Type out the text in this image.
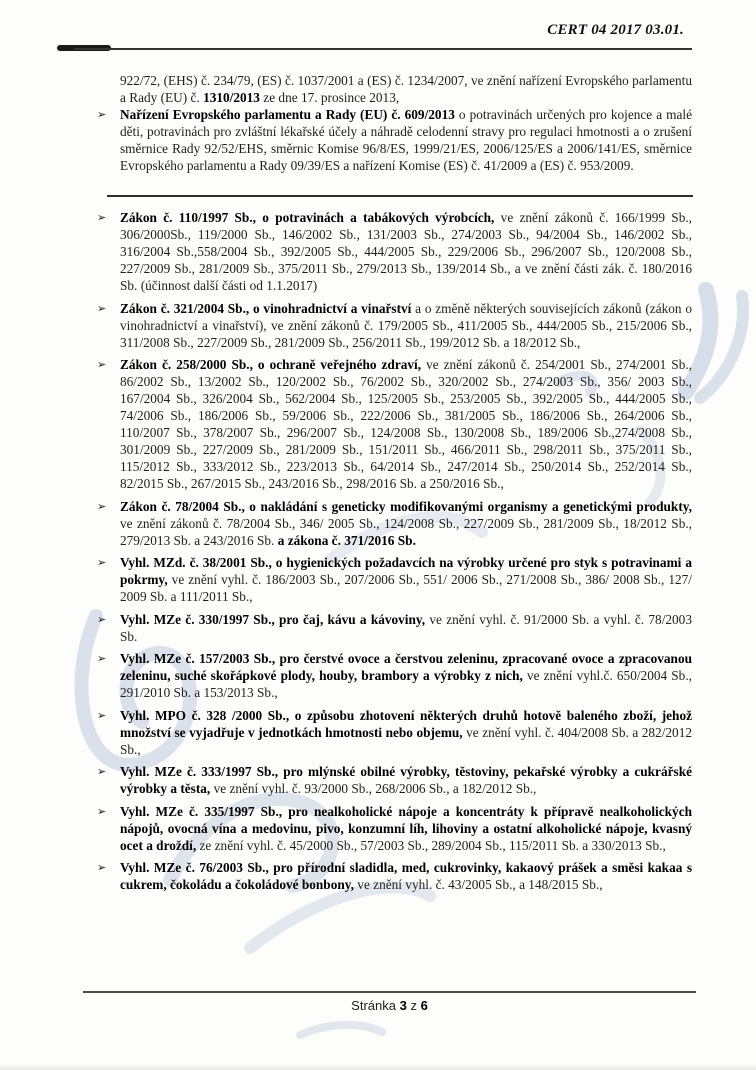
CERT 04 2017 03.01.

922/72, (EHS) č. 234/79, (ES) č. 1037/2001 a (ES) č. 1234/2007, ve znění nařízení Evropského parlamentu a Rady (EU) č. 1310/2013 ze dne 17. prosince 2013,

➢ Nařízení Evropského parlamentu a Rady (EU) č. 609/2013 o potravinách určených pro kojence a malé děti, potravinách pro zvláštní lékařské účely a náhradě celodenní stravy pro regulaci hmotnosti a o zrušení směrnice Rady 92/52/EHS, směrnic Komise 96/8/ES, 1999/21/ES, 2006/125/ES a 2006/141/ES, směrnice Evropského parlamentu a Rady 09/39/ES a nařízení Komise (ES) č. 41/2009 a (ES) č. 953/2009.

➢ Zákon č. 110/1997 Sb., o potravinách a tabákových výrobcích, ve znění zákonů č. 166/1999 Sb., 306/2000Sb., 119/2000 Sb., 146/2002 Sb., 131/2003 Sb., 274/2003 Sb., 94/2004 Sb., 146/2002 Sb., 316/2004 Sb.,558/2004 Sb., 392/2005 Sb., 444/2005 Sb., 229/2006 Sb., 296/2007 Sb., 120/2008 Sb., 227/2009 Sb., 281/2009 Sb., 375/2011 Sb., 279/2013 Sb., 139/2014 Sb., a ve znění části zák. č. 180/2016 Sb. (účinnost další části od 1.1.2017)

➢ Zákon č. 321/2004 Sb., o vinohradnictví a vinařství a o změně některých souvisejících zákonů (zákon o vinohradnictví a vinařství), ve znění zákonů č. 179/2005 Sb., 411/2005 Sb., 444/2005 Sb., 215/2006 Sb., 311/2008 Sb., 227/2009 Sb., 281/2009 Sb., 256/2011 Sb., 199/2012 Sb. a 18/2012 Sb.,

➢ Zákon č. 258/2000 Sb., o ochraně veřejného zdraví, ve znění zákonů č. 254/2001 Sb., 274/2001 Sb., 86/2002 Sb., 13/2002 Sb., 120/2002 Sb., 76/2002 Sb., 320/2002 Sb., 274/2003 Sb., 356/ 2003 Sb., 167/2004 Sb., 326/2004 Sb., 562/2004 Sb., 125/2005 Sb., 253/2005 Sb., 392/2005 Sb., 444/2005 Sb., 74/2006 Sb., 186/2006 Sb., 59/2006 Sb., 222/2006 Sb., 381/2005 Sb., 186/2006 Sb., 264/2006 Sb., 110/2007 Sb., 378/2007 Sb., 296/2007 Sb., 124/2008 Sb., 130/2008 Sb., 189/2006 Sb.,274/2008 Sb., 301/2009 Sb., 227/2009 Sb., 281/2009 Sb., 151/2011 Sb., 466/2011 Sb., 298/2011 Sb., 375/2011 Sb., 115/2012 Sb., 333/2012 Sb., 223/2013 Sb., 64/2014 Sb., 247/2014 Sb., 250/2014 Sb., 252/2014 Sb., 82/2015 Sb., 267/2015 Sb., 243/2016 Sb., 298/2016 Sb. a 250/2016 Sb.,

➢ Zákon č. 78/2004 Sb., o nakládání s geneticky modifikovanými organismy a genetickými produkty, ve znění zákonů č. 78/2004 Sb., 346/ 2005 Sb., 124/2008 Sb., 227/2009 Sb., 281/2009 Sb., 18/2012 Sb., 279/2013 Sb. a 243/2016 Sb. a zákona č. 371/2016 Sb.

➢ Vyhl. MZd. č. 38/2001 Sb., o hygienických požadavcích na výrobky určené pro styk s potravinami a pokrmy, ve znění vyhl. č. 186/2003 Sb., 207/2006 Sb., 551/ 2006 Sb., 271/2008 Sb., 386/ 2008 Sb., 127/ 2009 Sb. a 111/2011 Sb.,

➢ Vyhl. MZe č. 330/1997 Sb., pro čaj, kávu a kávoviny, ve znění vyhl. č. 91/2000 Sb. a vyhl. č. 78/2003 Sb.

➢ Vyhl. MZe č. 157/2003 Sb., pro čerstvé ovoce a čerstvou zeleninu, zpracované ovoce a zpracovanou zeleninu, suché skořápkové plody, houby, brambory a výrobky z nich, ve znění vyhl.č. 650/2004 Sb., 291/2010 Sb. a 153/2013 Sb.,

➢ Vyhl. MPO č. 328 /2000 Sb., o způsobu zhotovení některých druhů hotově baleného zboží, jehož množství se vyjadřuje v jednotkách hmotnosti nebo objemu, ve znění vyhl. č. 404/2008 Sb. a 282/2012 Sb.,

➢ Vyhl. MZe č. 333/1997 Sb., pro mlýnské obilné výrobky, těstoviny, pekařské výrobky a cukrářské výrobky a těsta, ve znění vyhl. č. 93/2000 Sb., 268/2006 Sb., a 182/2012 Sb.,

➢ Vyhl. MZe č. 335/1997 Sb., pro nealkoholické nápoje a koncentráty k přípravě nealkoholických nápojů, ovocná vína a medovinu, pivo, konzumní líh, lihoviny a ostatní alkoholické nápoje, kvasný ocet a droždí, ze znění vyhl. č. 45/2000 Sb., 57/2003 Sb., 289/2004 Sb., 115/2011 Sb. a 330/2013 Sb.,

➢ Vyhl. MZe č. 76/2003 Sb., pro přírodní sladidla, med, cukrovinky, kakaový prášek a směsi kakaa s cukrem, čokoládu a čokoládové bonbony, ve znění vyhl. č. 43/2005 Sb., a 148/2015 Sb.,

Stránka 3 z 6
